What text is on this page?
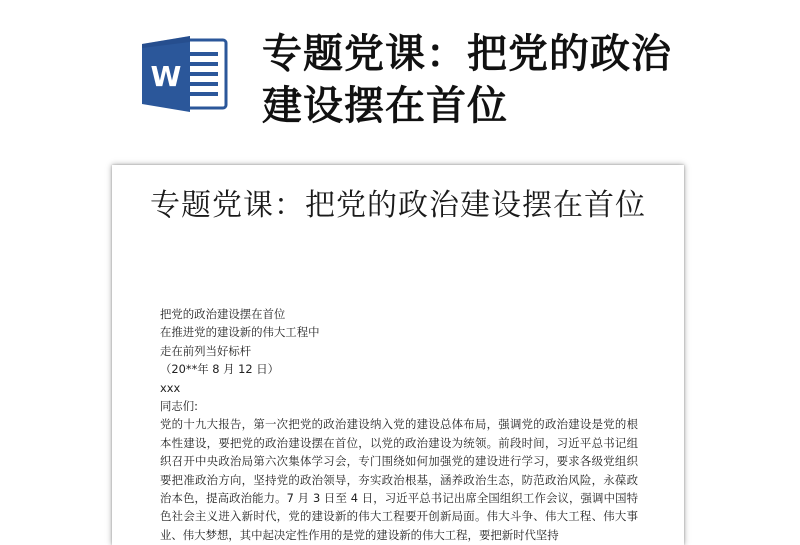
W 专题党课：把党的政治建设摆在首位
专题党课：把党的政治建设摆在首位
把党的政治建设摆在首位
在推进党的建设新的伟大工程中
走在前列当好标杆
（20**年 8 月 12 日）
xxx
同志们:

党的十九大报告，第一次把党的政治建设纳入党的建设总体布局，强调党的政治建设是党的根本性建设，要把党的政治建设摆在首位，以党的政治建设为统领。前段时间，习近平总书记组织召开中央政治局第六次集体学习会，专门围绕如何加强党的建设进行学习，要求各级党组织要把准政治方向，坚持党的政治领导，夯实政治根基，涵养政治生态，防范政治风险，永葆政治本色，提高政治能力。7 月 3 日至 4 日，习近平总书记出席全国组织工作会议，强调中国特色社会主义进入新时代，党的建设新的伟大工程要开创新局面。伟大斗争、伟大工程、伟大事业、伟大梦想，其中起决定性作用的是党的建设新的伟大工程，要把新时代坚持
